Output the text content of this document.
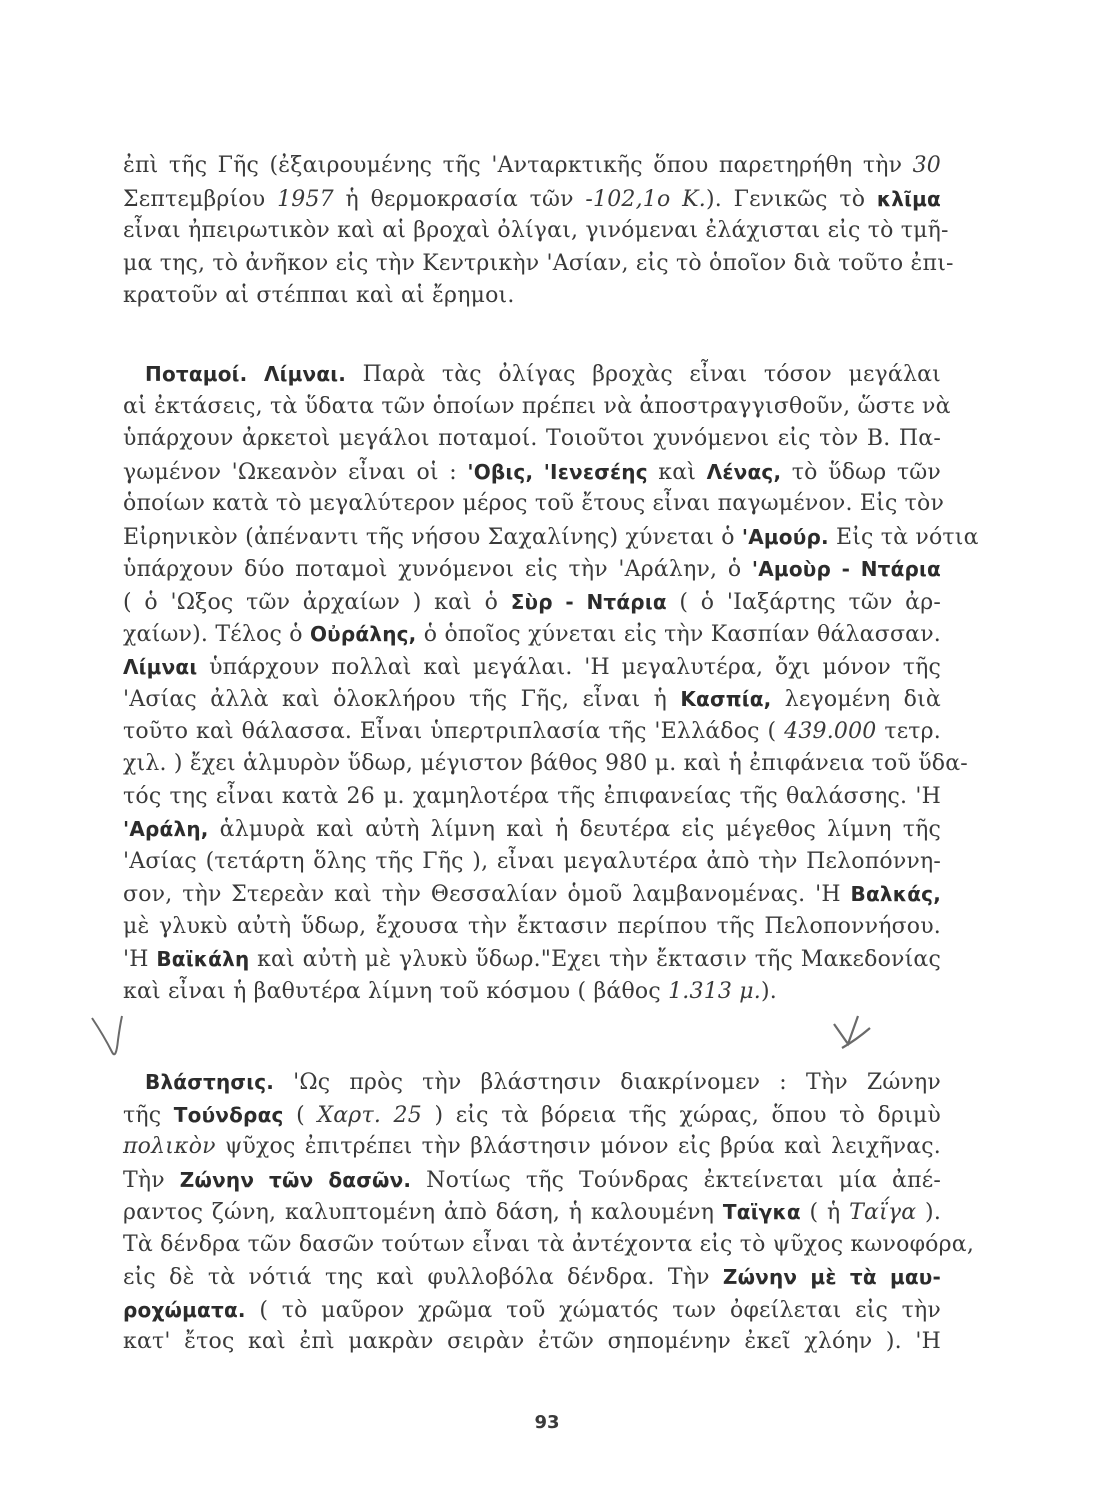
ἐπὶ τῆς Γῆς (ἐξαιρουμένης τῆς 'Ανταρκτικῆς ὅπου παρετηρήθη τὴν 30
Σεπτεμβρίου 1957 ἡ θερμοκρασία τῶν -102,1ο Κ.). Γενικῶς τὸ κλῖμα
εἶναι ἠπειρωτικὸν καὶ αἱ βροχαὶ ὀλίγαι, γινόμεναι ἐλάχισται εἰς τὸ τμῆ-
μα της, τὸ ἀνῆκον εἰς τὴν Κεντρικὴν 'Ασίαν, εἰς τὸ ὁποῖον διὰ τοῦτο ἐπι-
κρατοῦν αἱ στέππαι καὶ αἱ ἔρημοι.
Ποταμοί. Λίμναι. Παρὰ τὰς ὀλίγας βροχὰς εἶναι τόσον μεγάλαι
αἱ ἐκτάσεις, τὰ ὕδατα τῶν ὁποίων πρέπει νὰ ἀποστραγγισθοῦν, ὥστε νὰ
ὑπάρχουν ἀρκετοὶ μεγάλοι ποταμοί. Τοιοῦτοι χυνόμενοι εἰς τὸν Β. Πα-
γωμένον 'Ωκεανὸν εἶναι οἱ : 'Οβις, 'Ιενεσέης καὶ Λένας, τὸ ὕδωρ τῶν
ὁποίων κατὰ τὸ μεγαλύτερον μέρος τοῦ ἔτους εἶναι παγωμένον. Εἰς τὸν
Εἰρηνικὸν (ἀπέναντι τῆς νήσου Σαχαλίνης) χύνεται ὁ 'Αμούρ. Εἰς τὰ νότια
ὑπάρχουν δύο ποταμοὶ χυνόμενοι εἰς τὴν 'Αράλην, ὁ 'Αμοὺρ - Ντάρια
( ὁ 'Ωξος τῶν ἀρχαίων ) καὶ ὁ Σὺρ - Ντάρια ( ὁ 'Ιαξάρτης τῶν ἀρ-
χαίων). Τέλος ὁ Οὐράλης, ὁ ὁποῖος χύνεται εἰς τὴν Κασπίαν θάλασσαν.
Λίμναι ὑπάρχουν πολλαὶ καὶ μεγάλαι. 'Η μεγαλυτέρα, ὄχι μόνον τῆς
'Ασίας ἀλλὰ καὶ ὁλοκλήρου τῆς Γῆς, εἶναι ἡ Κασπία, λεγομένη διὰ
τοῦτο καὶ θάλασσα. Εἶναι ὑπερτριπλασία τῆς 'Ελλάδος ( 439.000 τετρ.
χιλ. ) ἔχει ἁλμυρὸν ὕδωρ, μέγιστον βάθος 980 μ. καὶ ἡ ἐπιφάνεια τοῦ ὕδα-
τός της εἶναι κατὰ 26 μ. χαμηλοτέρα τῆς ἐπιφανείας τῆς θαλάσσης. 'Η
'Αράλη, ἁλμυρὰ καὶ αὐτὴ λίμνη καὶ ἡ δευτέρα εἰς μέγεθος λίμνη τῆς
'Ασίας (τετάρτη ὅλης τῆς Γῆς ), εἶναι μεγαλυτέρα ἀπὸ τὴν Πελοπόννη-
σον, τὴν Στερεὰν καὶ τὴν Θεσσαλίαν ὁμοῦ λαμβανομένας. 'Η Βαλκάς,
μὲ γλυκὺ αὐτὴ ὕδωρ, ἔχουσα τὴν ἔκτασιν περίπου τῆς Πελοποννήσου.
'Η Βαϊκάλη καὶ αὐτὴ μὲ γλυκὺ ὕδωρ."Εχει τὴν ἔκτασιν τῆς Μακεδονίας
καὶ εἶναι ἡ βαθυτέρα λίμνη τοῦ κόσμου ( βάθος 1.313 μ.).
Βλάστησις. 'Ως πρὸς τὴν βλάστησιν διακρίνομεν : Τὴν Ζώνην
τῆς Τούνδρας ( Χαρτ. 25 ) εἰς τὰ βόρεια τῆς χώρας, ὅπου τὸ δριμὺ
πολικὸν ψῦχος ἐπιτρέπει τὴν βλάστησιν μόνον εἰς βρύα καὶ λειχῆνας.
Τὴν Ζώνην τῶν δασῶν. Νοτίως τῆς Τούνδρας ἐκτείνεται μία ἀπέ-
ραντος ζώνη, καλυπτομένη ἀπὸ δάση, ἡ καλουμένη Ταϊγκα ( ἡ Ταΐγα ).
Τὰ δένδρα τῶν δασῶν τούτων εἶναι τὰ ἀντέχοντα εἰς τὸ ψῦχος κωνοφόρα,
εἰς δὲ τὰ νότιά της καὶ φυλλοβόλα δένδρα. Τὴν Ζώνην μὲ τὰ μαυ-
ροχώματα. ( τὸ μαῦρον χρῶμα τοῦ χώματός των ὀφείλεται εἰς τὴν
κατ' ἔτος καὶ ἐπὶ μακρὰν σειρὰν ἐτῶν σηπομένην ἐκεῖ χλόην ). 'Η
93
